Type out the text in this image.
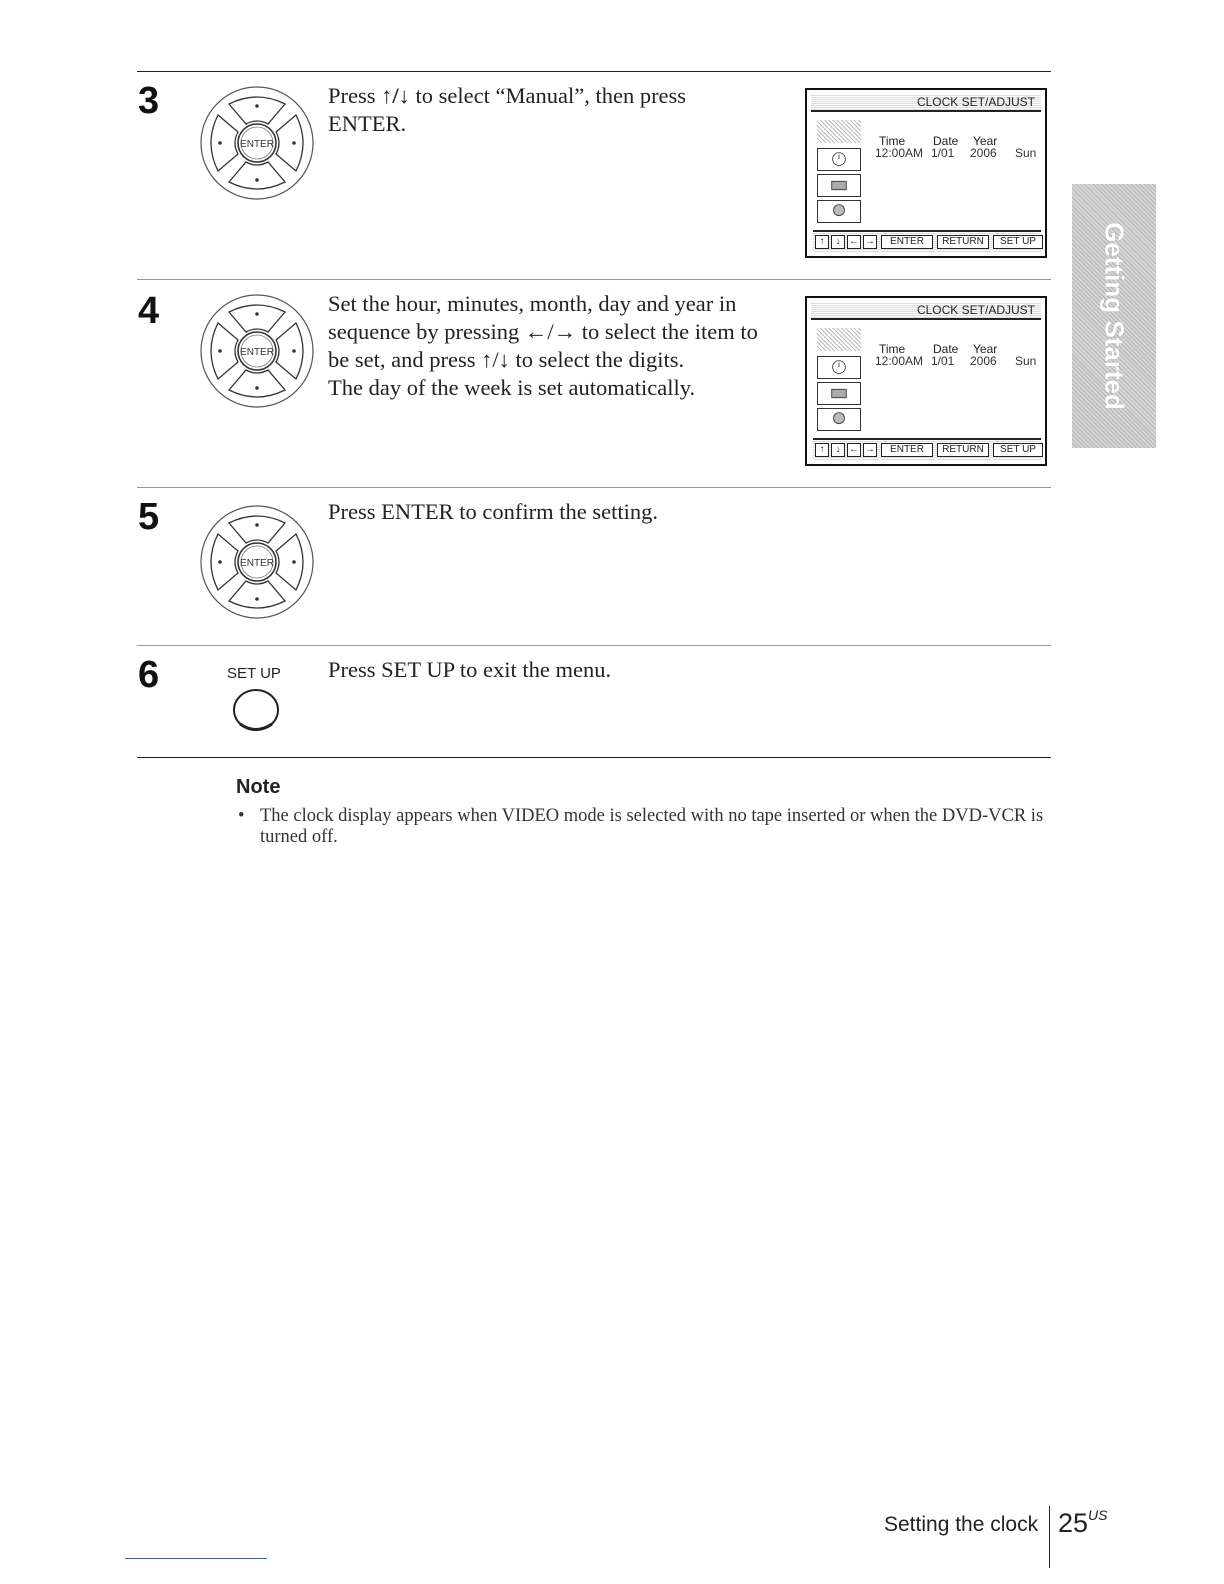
3
ENTER
Press ↑/↓ to select “Manual”, then press
ENTER.
CLOCK SET/ADJUST
Time Date Year
12:00AM 1/01 2006 Sun
↑	↓ ← →	ENTER	RETURN	SET UP
4
ENTER
Set the hour, minutes, month, day and year in
sequence by pressing ←/→ to select the item to
be set, and press ↑/↓ to select the digits.
The day of the week is set automatically.
CLOCK SET/ADJUST
Time Date Year
12:00AM 1/01 2006 Sun
↑	↓ ← →	ENTER	RETURN	SET UP
5
ENTER
Press ENTER to confirm the setting.
6	SET UP Press SET UP to exit the menu.
Getting Started
Note
• The clock display appears when VIDEO mode is selected with no tape inserted or when the DVD-VCR is turned off.
Setting the clock $25^{US}$
